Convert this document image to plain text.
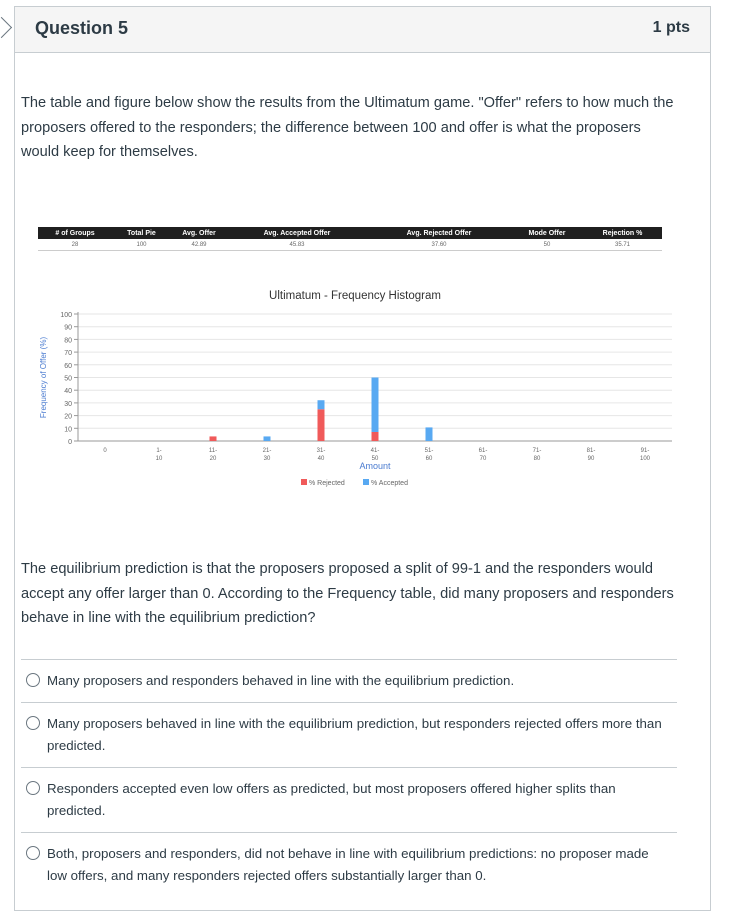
Question 5	1 pts
The table and figure below show the results from the Ultimatum game. "Offer" refers to how much the proposers offered to the responders; the difference between 100 and offer is what the proposers would keep for themselves.
# of Groups	Total Pie	Avg. Offer	Avg. Accepted Offer	Avg. Rejected Offer	Mode Offer	Rejection %
28	100	42.89	45.83	37.60	50	35.71
Ultimatum - Frequency Histogram
0
10
20
30
40
50
60
70
80
90
100
Frequency of Offer (%)
0	1-
10
11-
20
21-
30
31-
40
41-
50
51-
60
61-
70
71-
80
81-
90
91-
100
Amount
% Rejected	% Accepted
The equilibrium prediction is that the proposers proposed a split of 99-1 and the responders would accept any offer larger than 0. According to the Frequency table, did many proposers and responders behave in line with the equilibrium prediction?
Many proposers and responders behaved in line with the equilibrium prediction.
Many proposers behaved in line with the equilibrium prediction, but responders rejected offers more than predicted.
Responders accepted even low offers as predicted, but most proposers offered higher splits than predicted.
Both, proposers and responders, did not behave in line with equilibrium predictions: no proposer made low offers, and many responders rejected offers substantially larger than 0.
